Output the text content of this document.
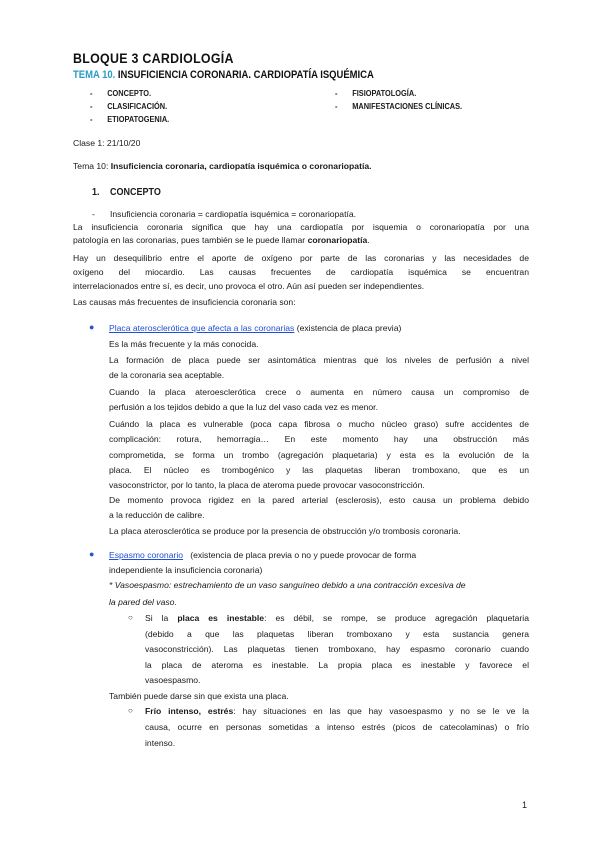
BLOQUE 3 CARDIOLOGÍA
TEMA 10. INSUFICIENCIA CORONARIA. CARDIOPATÍA ISQUÉMICA
- CONCEPTO.
- CLASIFICACIÓN.
- ETIOPATOGENIA.
- FISIOPATOLOGÍA.
- MANIFESTACIONES CLÍNICAS.
Clase 1: 21/10/20
Tema 10: Insuficiencia coronaria, cardiopatía isquémica o coronariopatía.
1. CONCEPTO
- Insuficiencia coronaria = cardiopatía isquémica = coronariopatía.
La insuficiencia coronaria significa que hay una cardiopatía por isquemia o coronariopatía por una
patología en las coronarias, pues también se le puede llamar coronariopatía.
Hay un desequilibrio entre el aporte de oxígeno por parte de las coronarias y las necesidades de
oxígeno del miocardio. Las causas frecuentes de cardiopatía isquémica se encuentran
interrelacionados entre sí, es decir, uno provoca el otro. Aún así pueden ser independientes.
Las causas más frecuentes de insuficiencia coronaria son:
● Placa aterosclerótica que afecta a las coronarias (existencia de placa previa)
Es la más frecuente y la más conocida.
La formación de placa puede ser asintomática mientras que los niveles de perfusión a nivel
de la coronaria sea aceptable.
Cuando la placa ateroesclerótica crece o aumenta en número causa un compromiso de
perfusión a los tejidos debido a que la luz del vaso cada vez es menor.
Cuándo la placa es vulnerable (poca capa fibrosa o mucho núcleo graso) sufre accidentes de
complicación: rotura, hemorragia… En este momento hay una obstrucción más
comprometida, se forma un trombo (agregación plaquetaria) y esta es la evolución de la
placa. El núcleo es trombogénico y las plaquetas liberan tromboxano, que es un
vasoconstrictor, por lo tanto, la placa de ateroma puede provocar vasoconstricción.
De momento provoca rigidez en la pared arterial (esclerosis), esto causa un problema debido
a la reducción de calibre.
La placa aterosclerótica se produce por la presencia de obstrucción y/o trombosis coronaria.
● Espasmo coronario   (existencia de placa previa o no y puede provocar de forma
independiente la insuficiencia coronaria)
* Vasoespasmo: estrechamiento de un vaso sanguíneo debido a una contracción excesiva de
la pared del vaso.
○ Si la placa es inestable: es débil, se rompe, se produce agregación plaquetaria
(debido a que las plaquetas liberan tromboxano y esta sustancia genera
vasoconstricción). Las plaquetas tienen tromboxano, hay espasmo coronario cuando
la placa de ateroma es inestable. La propia placa es inestable y favorece el
vasoespasmo.
También puede darse sin que exista una placa.
○ Frío intenso, estrés: hay situaciones en las que hay vasoespasmo y no se le ve la
causa, ocurre en personas sometidas a intenso estrés (picos de catecolaminas) o frío
intenso.
1
